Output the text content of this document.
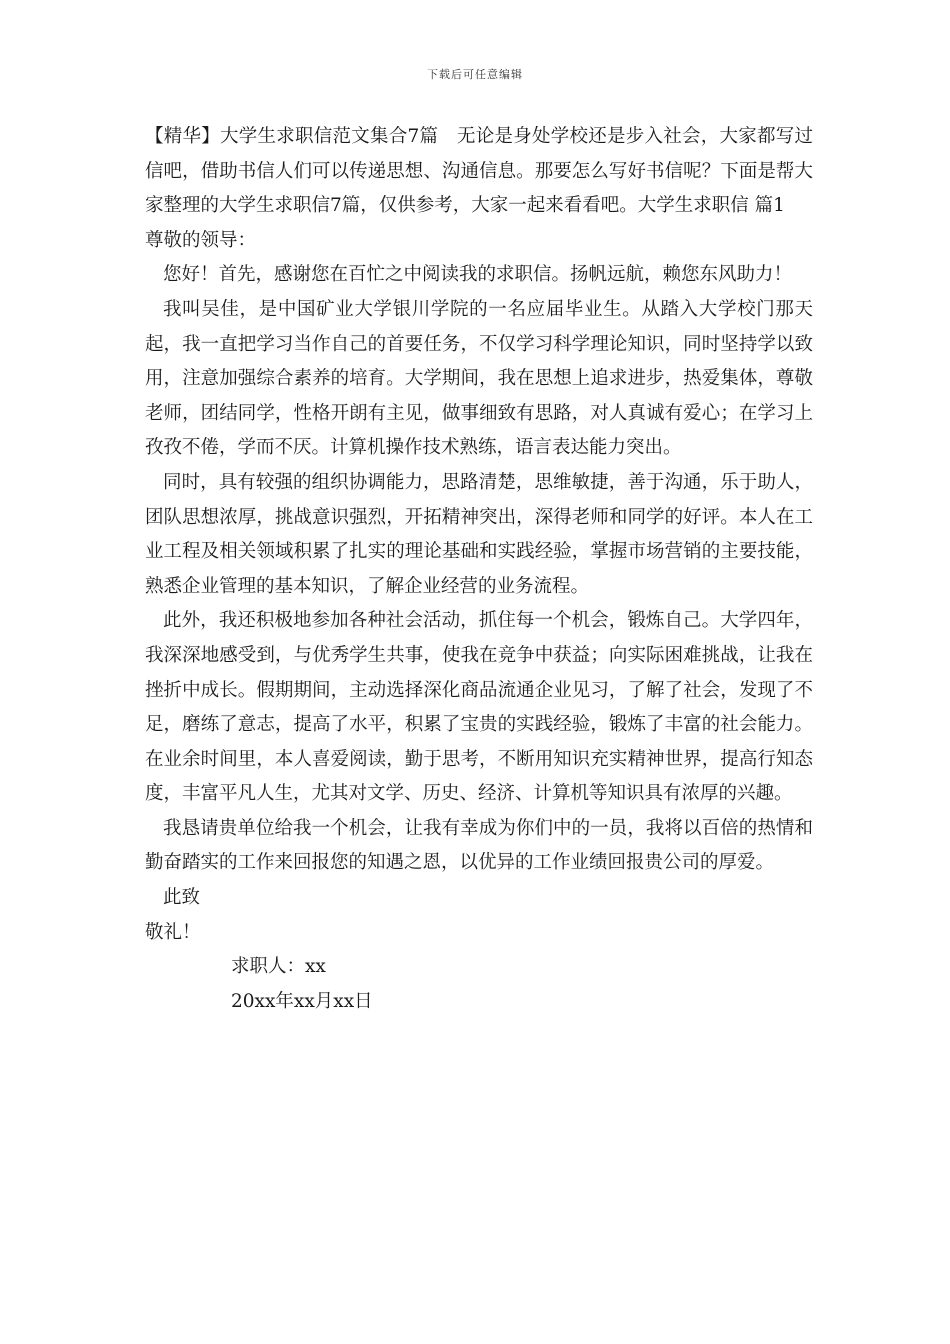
下载后可任意编辑

【精华】大学生求职信范文集合7篇　无论是身处学校还是步入社会，大家都写过信吧，借助书信人们可以传递思想、沟通信息。那要怎么写好书信呢？下面是帮大家整理的大学生求职信7篇，仅供参考，大家一起来看看吧。大学生求职信 篇1

尊敬的领导：

您好！首先，感谢您在百忙之中阅读我的求职信。扬帆远航，赖您东风助力！

我叫吴佳，是中国矿业大学银川学院的一名应届毕业生。从踏入大学校门那天起，我一直把学习当作自己的首要任务，不仅学习科学理论知识，同时坚持学以致用，注意加强综合素养的培育。大学期间，我在思想上追求进步，热爱集体，尊敬老师，团结同学，性格开朗有主见，做事细致有思路，对人真诚有爱心；在学习上孜孜不倦，学而不厌。计算机操作技术熟练，语言表达能力突出。

同时，具有较强的组织协调能力，思路清楚，思维敏捷，善于沟通，乐于助人，团队思想浓厚，挑战意识强烈，开拓精神突出，深得老师和同学的好评。本人在工业工程及相关领域积累了扎实的理论基础和实践经验，掌握市场营销的主要技能，熟悉企业管理的基本知识，了解企业经营的业务流程。

此外，我还积极地参加各种社会活动，抓住每一个机会，锻炼自己。大学四年，我深深地感受到，与优秀学生共事，使我在竞争中获益；向实际困难挑战，让我在挫折中成长。假期期间，主动选择深化商品流通企业见习，了解了社会，发现了不足，磨练了意志，提高了水平，积累了宝贵的实践经验，锻炼了丰富的社会能力。在业余时间里，本人喜爱阅读，勤于思考，不断用知识充实精神世界，提高行知态度，丰富平凡人生，尤其对文学、历史、经济、计算机等知识具有浓厚的兴趣。

我恳请贵单位给我一个机会，让我有幸成为你们中的一员，我将以百倍的热情和勤奋踏实的工作来回报您的知遇之恩，以优异的工作业绩回报贵公司的厚爱。

此致

敬礼！

求职人：xx

20xx年xx月xx日
